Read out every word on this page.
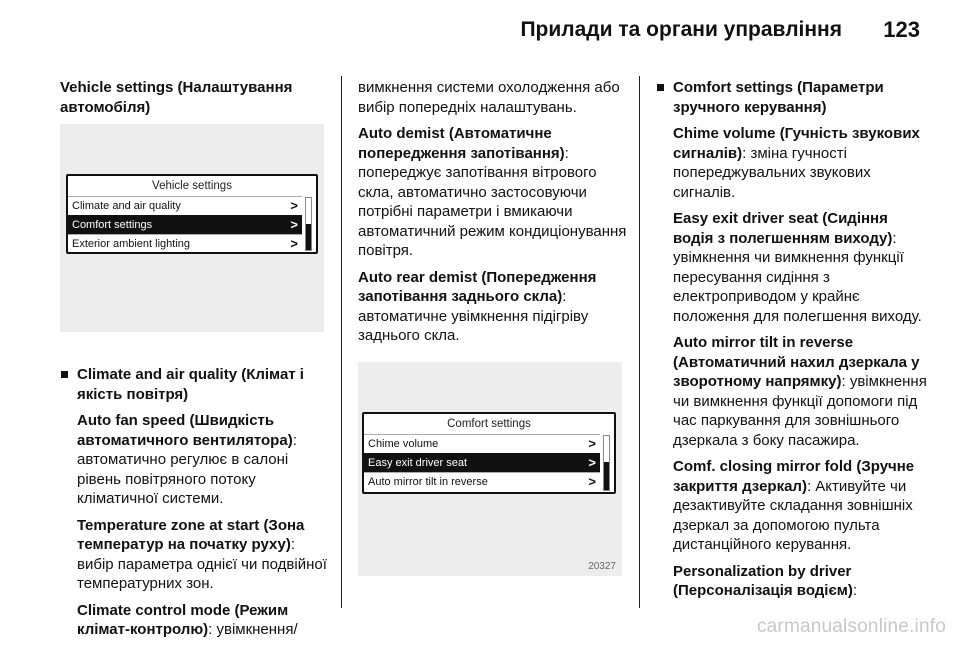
Прилади та органи управління 123

Vehicle settings (Налаштування автомобіля)

Climate and air quality (Клімат і якість повітря)

Auto fan speed (Швидкість автоматичного вентилятора): автоматично регулює в салоні рівень повітряного потоку кліматичної системи.

Temperature zone at start (Зона температур на початку руху): вибір параметра однієї чи подвійної температурних зон.

Climate control mode (Режим клімат-контролю): увімкнення/

Vehicle settings
Climate and air quality	>
Comfort settings	>
Exterior ambient lighting	>

вимкнення системи охолодження або вибір попередніх налаштувань.

Auto demist (Автоматичне попередження запотівання): попереджує запотівання вітрового скла, автоматично застосовуючи потрібні параметри і вмикаючи автоматичний режим кондиціонування повітря.

Auto rear demist (Попередження запотівання заднього скла): автоматичне увімкнення підігріву заднього скла.

Comfort settings
Chime volume	>
Easy exit driver seat	>
Auto mirror tilt in reverse	>
20327

Comfort settings (Параметри зручного керування)

Chime volume (Гучність звукових сигналів): зміна гучності попереджувальних звукових сигналів.

Easy exit driver seat (Сидіння водія з полегшенням виходу): увімкнення чи вимкнення функції пересування сидіння з електроприводом у крайнє положення для полегшення виходу.

Auto mirror tilt in reverse (Автоматичний нахил дзеркала у зворотному напрямку): увімкнення чи вимкнення функції допомоги під час паркування для зовнішнього дзеркала з боку пасажира.

Comf. closing mirror fold (Зручне закриття дзеркал): Активуйте чи дезактивуйте складання зовнішніх дзеркал за допомогою пульта дистанційного керування.

Personalization by driver (Персоналізація водієм):

carmanualsonline.info
